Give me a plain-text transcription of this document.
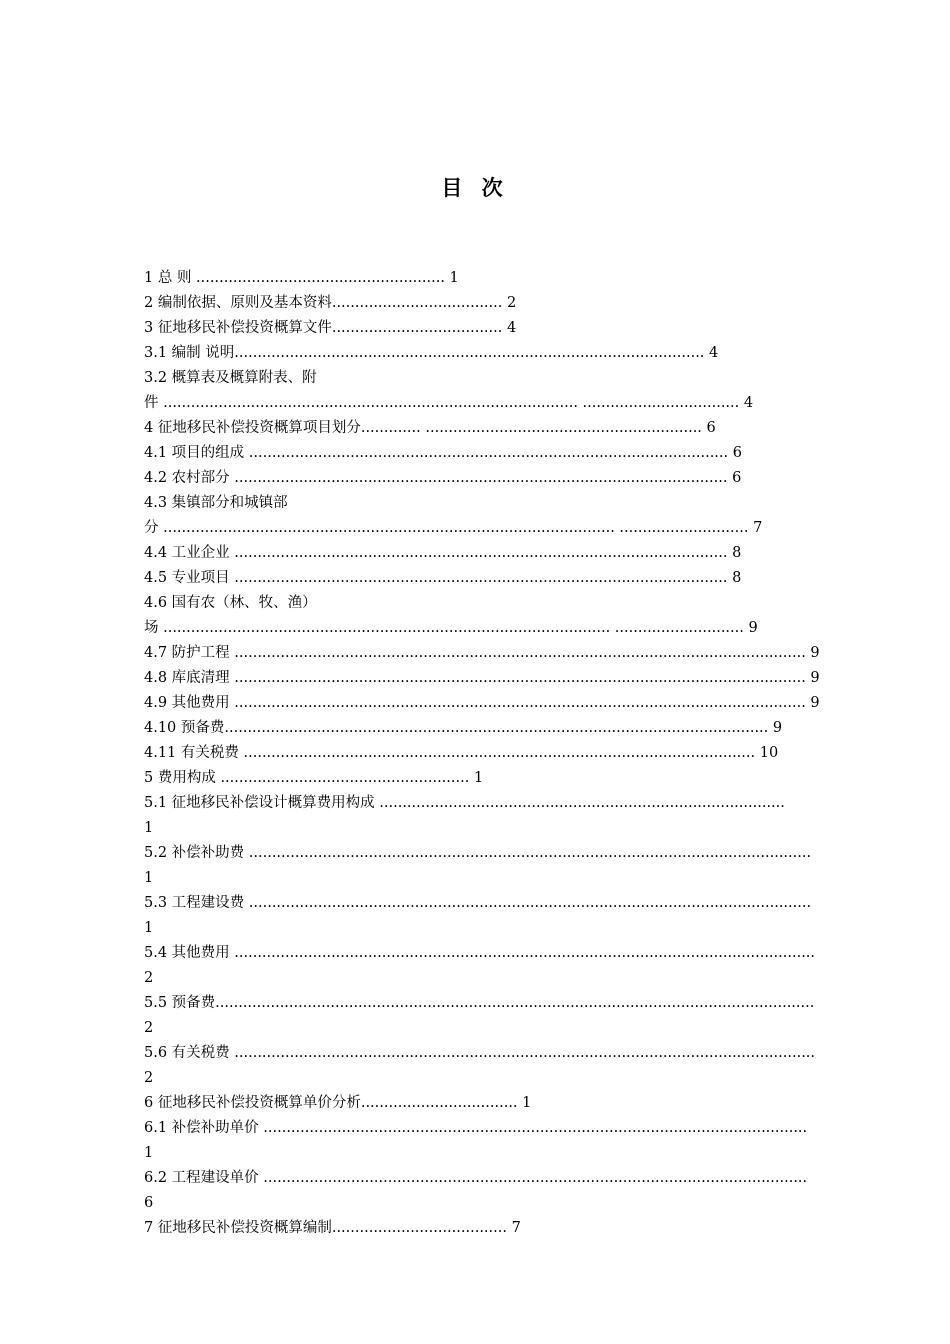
目 次
1 总 则 ...................................................... 1
2 编制依据、原则及基本资料..................................... 2
3 征地移民补偿投资概算文件..................................... 4
3.1 编制 说明...................................................................................................... 4
3.2 概算表及概算附表、附
件 .......................................................................................... .................................. 4
4 征地移民补偿投资概算项目划分............. ............................................................ 6
4.1 项目的组成 ........................................................................................................ 6
4.2 农村部分 ........................................................................................................... 6
4.3 集镇部分和城镇部
分 .................................................................................................. ............................ 7
4.4 工业企业 ........................................................................................................... 8
4.5 专业项目 ........................................................................................................... 8
4.6 国有农（林、牧、渔）
场 ................................................................................................. ............................ 9
4.7 防护工程 ............................................................................................................................ 9
4.8 库底清理 ............................................................................................................................ 9
4.9 其他费用 ............................................................................................................................ 9
4.10 预备费...................................................................................................................... 9
4.11 有关税费 ............................................................................................................... 10
5 费用构成 ...................................................... 1
5.1 征地移民补偿设计概算费用构成 ........................................................................................
1
5.2 补偿补助费 ..........................................................................................................................
1
5.3 工程建设费 ..........................................................................................................................
1
5.4 其他费用 ..............................................................................................................................
2
5.5 预备费..................................................................................................................................
2
5.6 有关税费 ..............................................................................................................................
2
6 征地移民补偿投资概算单价分析.................................. 1
6.1 补偿补助单价 ......................................................................................................................
1
6.2 工程建设单价 ......................................................................................................................
6
7 征地移民补偿投资概算编制...................................... 7
